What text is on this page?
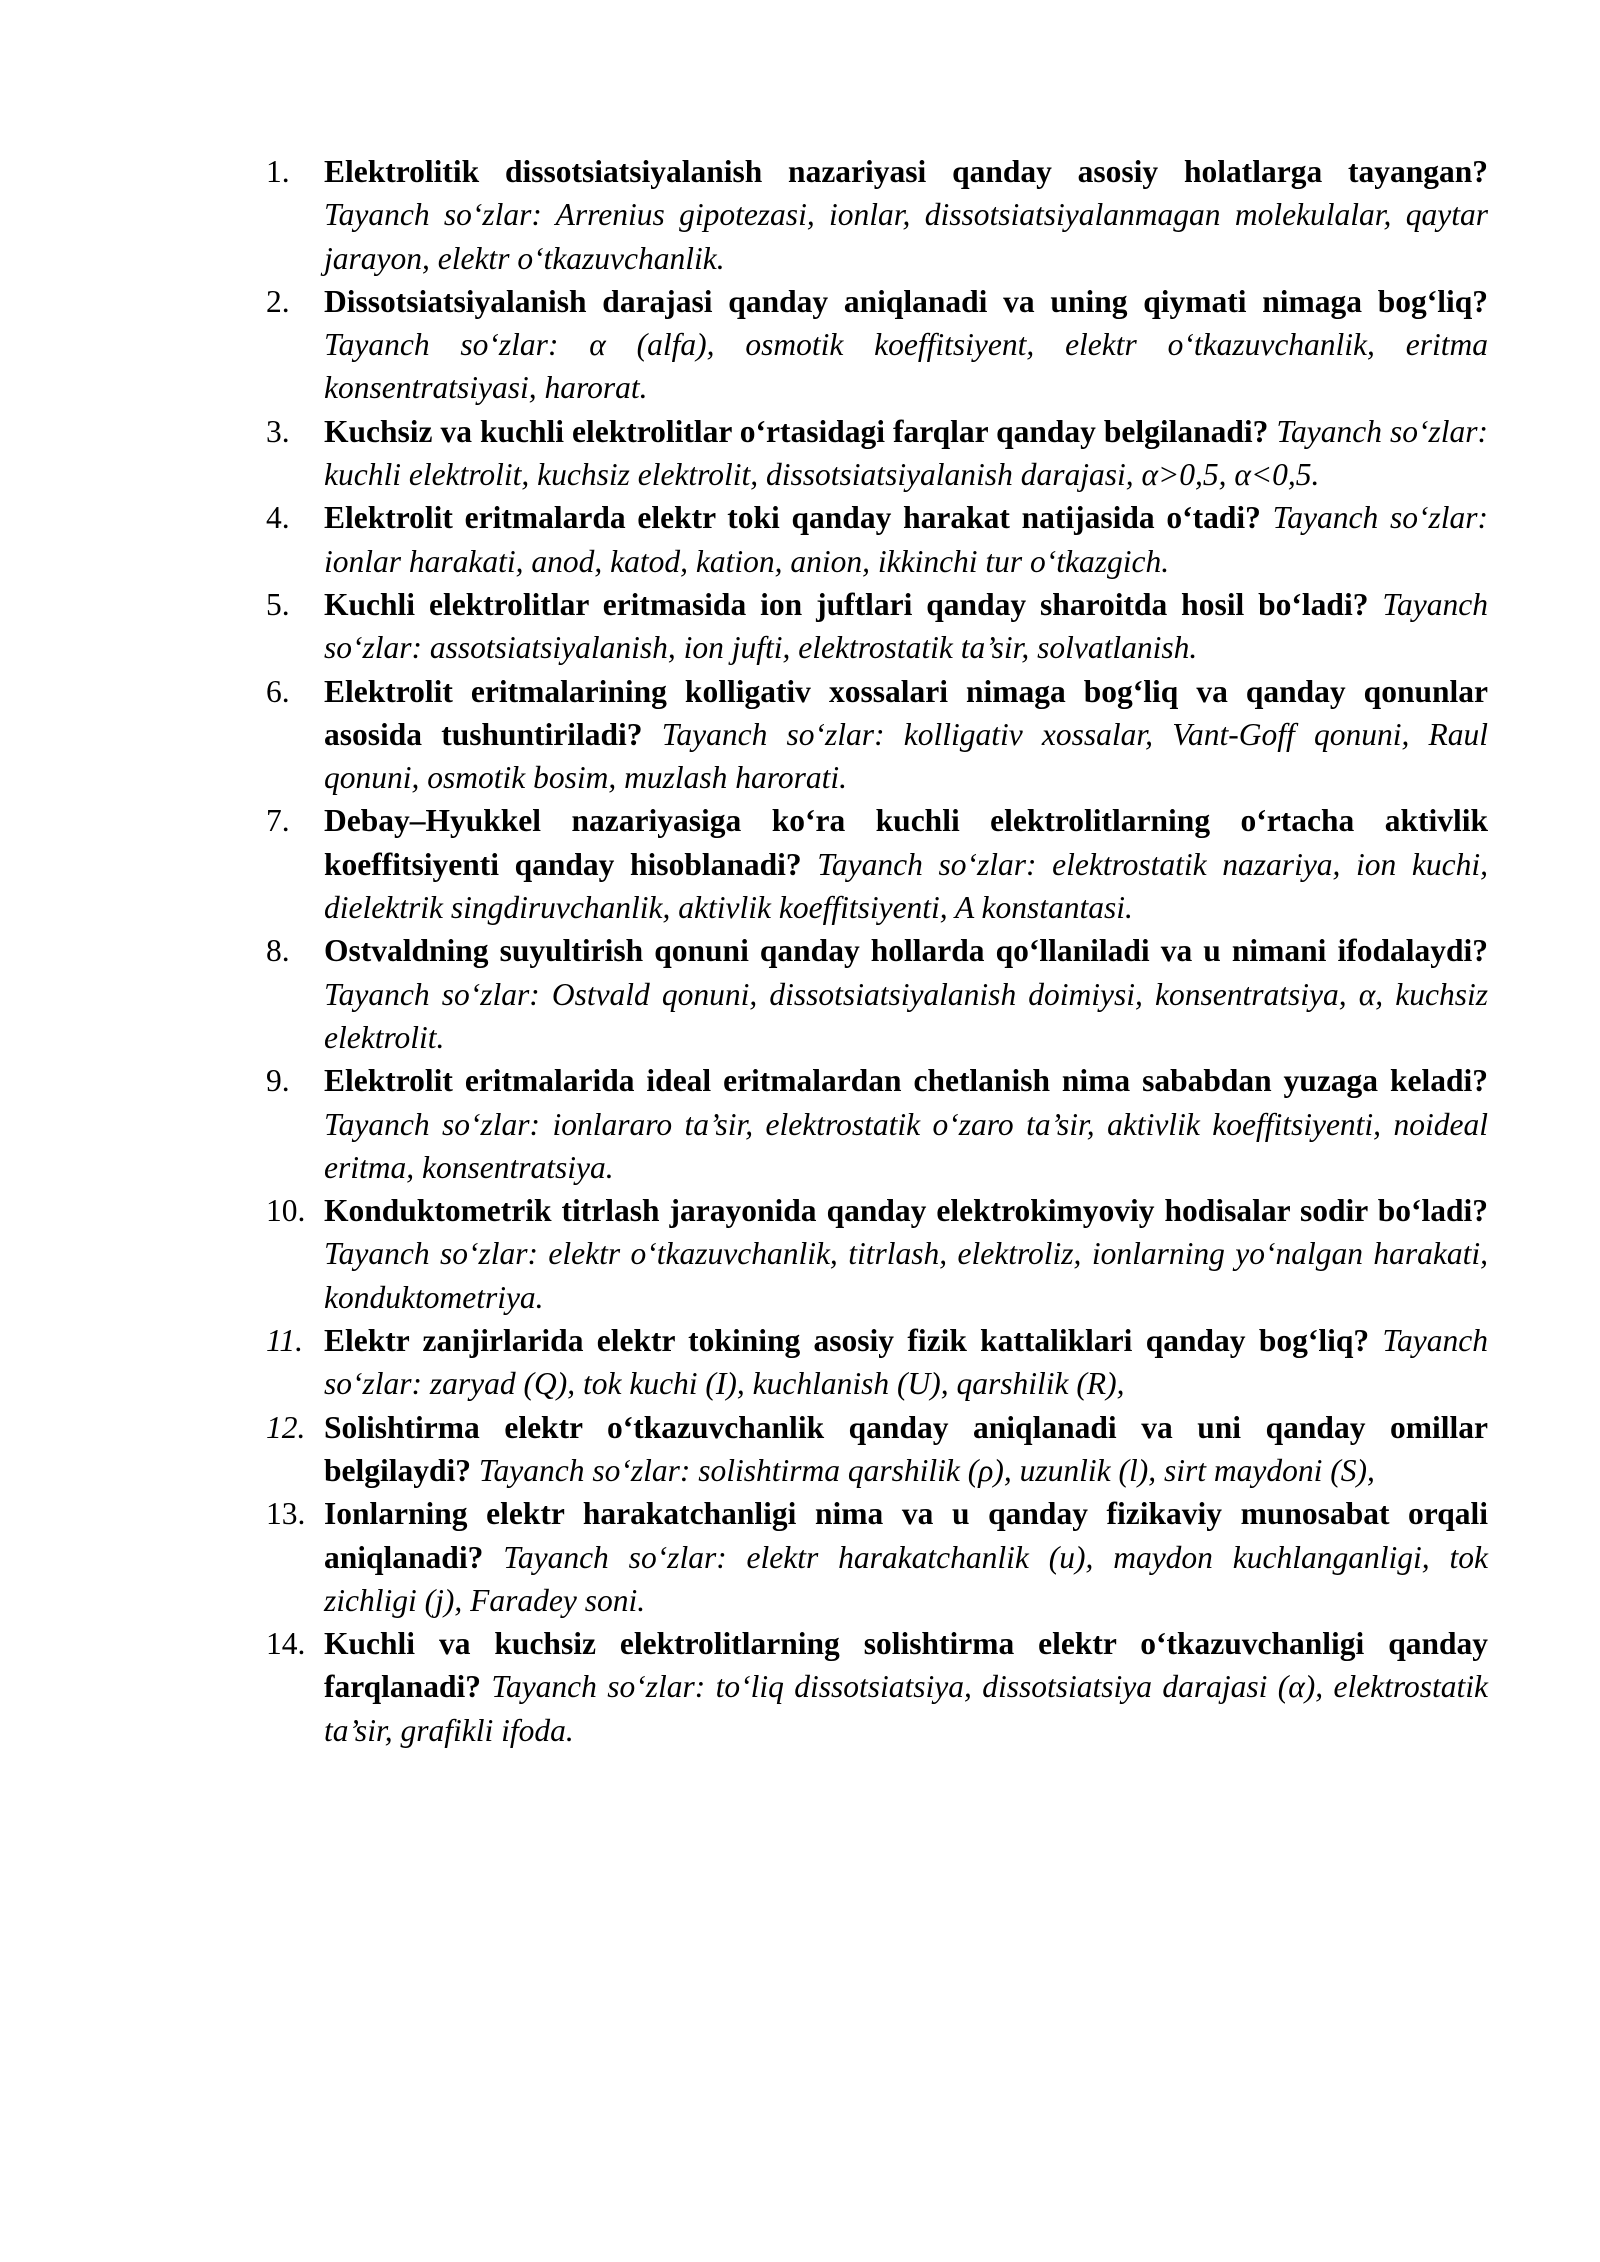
1.	Elektrolitik dissotsiatsiyalanish nazariyasi qanday asosiy holatlarga tayangan? Tayanch so‘zlar: Arrenius gipotezasi, ionlar, dissotsiatsiyalanmagan molekulalar, qaytar jarayon, elektr o‘tkazuvchanlik.
2.	Dissotsiatsiyalanish darajasi qanday aniqlanadi va uning qiymati nimaga bog‘liq? Tayanch so‘zlar: α (alfa), osmotik koeffitsiyent, elektr o‘tkazuvchanlik, eritma konsentratsiyasi, harorat.
3.	Kuchsiz va kuchli elektrolitlar o‘rtasidagi farqlar qanday belgilanadi? Tayanch so‘zlar: kuchli elektrolit, kuchsiz elektrolit, dissotsiatsiyalanish darajasi, α>0,5, α<0,5.
4.	Elektrolit eritmalarda elektr toki qanday harakat natijasida o‘tadi? Tayanch so‘zlar: ionlar harakati, anod, katod, kation, anion, ikkinchi tur o‘tkazgich.
5.	Kuchli elektrolitlar eritmasida ion juftlari qanday sharoitda hosil bo‘ladi? Tayanch so‘zlar: assotsiatsiyalanish, ion jufti, elektrostatik ta’sir, solvatlanish.
6.	Elektrolit eritmalarining kolligativ xossalari nimaga bog‘liq va qanday qonunlar asosida tushuntiriladi? Tayanch so‘zlar: kolligativ xossalar, Vant-Goff qonuni, Raul qonuni, osmotik bosim, muzlash harorati.
7.	Debay–Hyukkel nazariyasiga ko‘ra kuchli elektrolitlarning o‘rtacha aktivlik koeffitsiyenti qanday hisoblanadi? Tayanch so‘zlar: elektrostatik nazariya, ion kuchi, dielektrik singdiruvchanlik, aktivlik koeffitsiyenti, A konstantasi.
8.	Ostvaldning suyultirish qonuni qanday hollarda qo‘llaniladi va u nimani ifodalaydi? Tayanch so‘zlar: Ostvald qonuni, dissotsiatsiyalanish doimiysi, konsentratsiya, α, kuchsiz elektrolit.
9.	Elektrolit eritmalarida ideal eritmalardan chetlanish nima sababdan yuzaga keladi? Tayanch so‘zlar: ionlararo ta’sir, elektrostatik o‘zaro ta’sir, aktivlik koeffitsiyenti, noideal eritma, konsentratsiya.
10. Konduktometrik titrlash jarayonida qanday elektrokimyoviy hodisalar sodir bo‘ladi? Tayanch so‘zlar: elektr o‘tkazuvchanlik, titrlash, elektroliz, ionlarning yo‘nalgan harakati, konduktometriya.
11. Elektr zanjirlarida elektr tokining asosiy fizik kattaliklari qanday bog‘liq? Tayanch so‘zlar: zaryad (Q), tok kuchi (I), kuchlanish (U), qarshilik (R),
12. Solishtirma elektr o‘tkazuvchanlik qanday aniqlanadi va uni qanday omillar belgilaydi? Tayanch so‘zlar: solishtirma qarshilik (ρ), uzunlik (l), sirt maydoni (S),
13. Ionlarning elektr harakatchanligi nima va u qanday fizikaviy munosabat orqali aniqlanadi? Tayanch so‘zlar: elektr harakatchanlik (u), maydon kuchlanganligi, tok zichligi (j), Faradey soni.
14. Kuchli va kuchsiz elektrolitlarning solishtirma elektr o‘tkazuvchanligi qanday farqlanadi? Tayanch so‘zlar: to‘liq dissotsiatsiya, dissotsiatsiya darajasi (α), elektrostatik ta’sir, grafikli ifoda.
